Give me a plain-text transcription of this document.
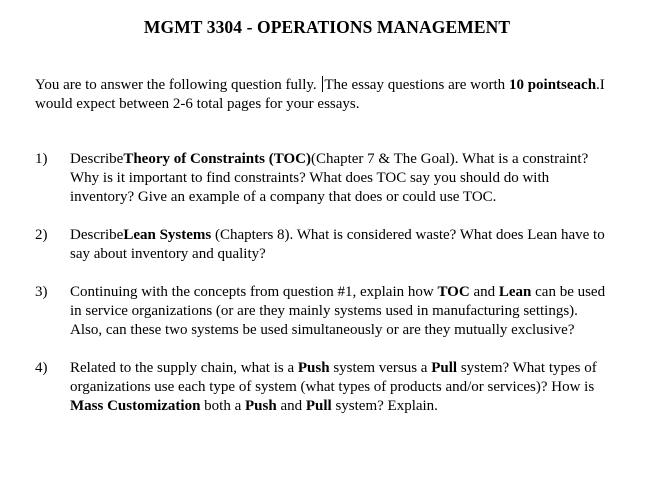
MGMT 3304 - OPERATIONS MANAGEMENT
You are to answer the following question fully. The essay questions are worth 10 pointseach.I would expect between 2-6 total pages for your essays.
1)	DescribeTheory of Constraints (TOC)(Chapter 7 & The Goal). What is a constraint? Why is it important to find constraints? What does TOC say you should do with inventory? Give an example of a company that does or could use TOC.
2)	DescribeLean Systems (Chapters 8). What is considered waste? What does Lean have to say about inventory and quality?
3)	Continuing with the concepts from question #1, explain how TOC and Lean can be used in service organizations (or are they mainly systems used in manufacturing settings). Also, can these two systems be used simultaneously or are they mutually exclusive?
4)	Related to the supply chain, what is a Push system versus a Pull system? What types of organizations use each type of system (what types of products and/or services)? How is Mass Customization both a Push and Pull system? Explain.
